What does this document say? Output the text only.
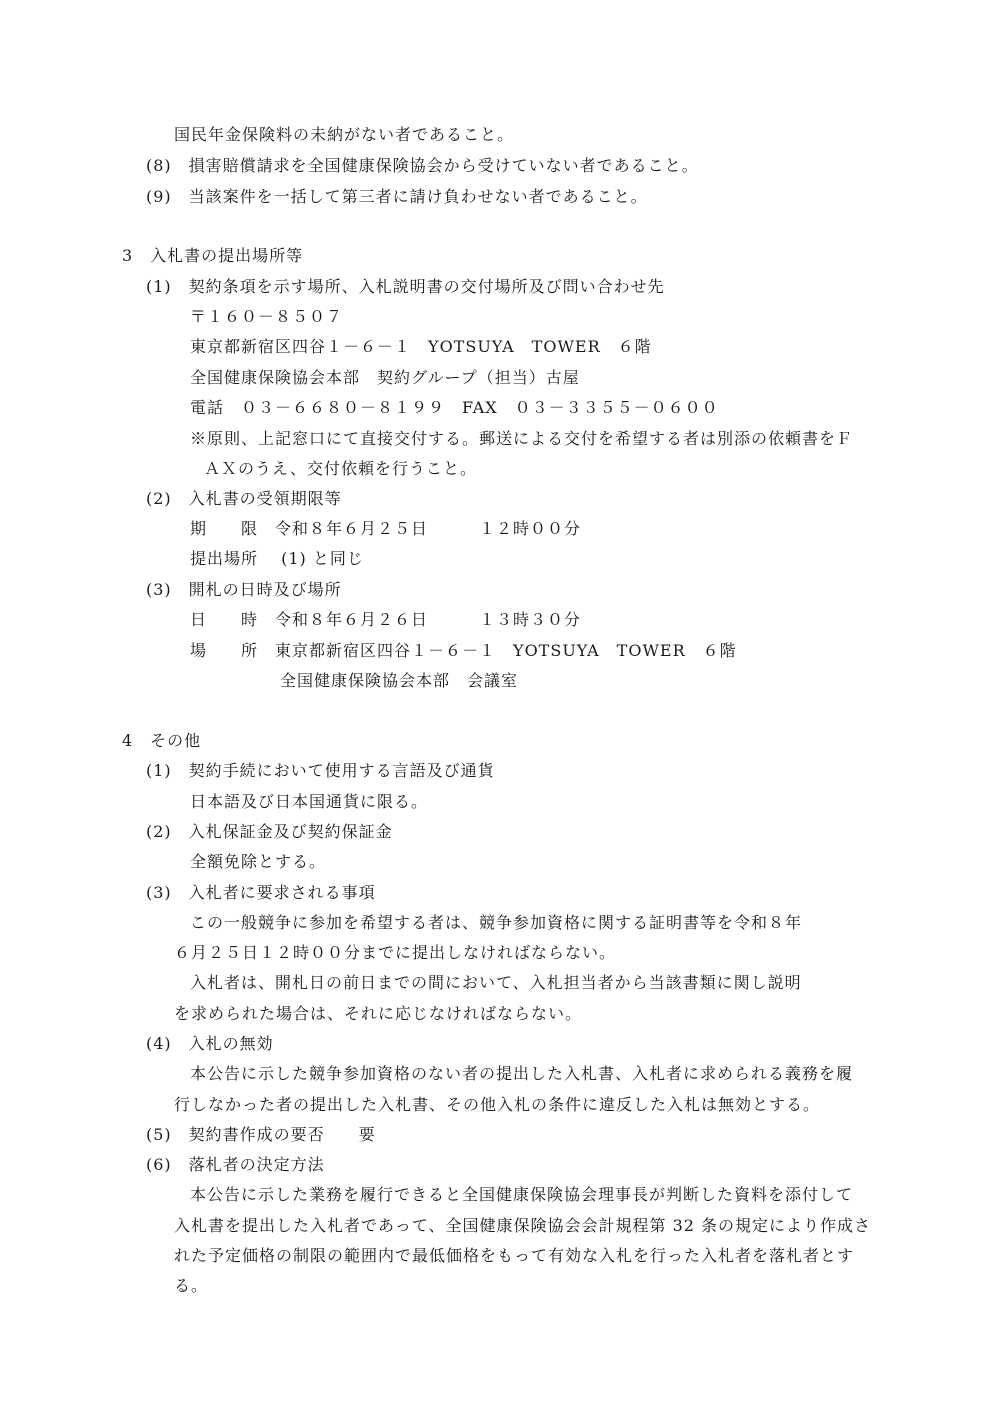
国民年金保険料の未納がない者であること。
(8)　損害賠償請求を全国健康保険協会から受けていない者であること。
(9)　当該案件を一括して第三者に請け負わせない者であること。
3　入札書の提出場所等
(1)　契約条項を示す場所、入札説明書の交付場所及び問い合わせ先
〒１６０－８５０７
東京都新宿区四谷１－６－１　YOTSUYA　TOWER　６階
全国健康保険協会本部　契約グループ（担当）古屋
電話　０３－６６８０－８１９９　FAX　０３－３３５５－０６００
※原則、上記窓口にて直接交付する。郵送による交付を希望する者は別添の依頼書をＦ
ＡＸのうえ、交付依頼を行うこと。
(2)　入札書の受領期限等
期　　限　令和８年６月２５日　　　１２時００分
提出場所　 (1) と同じ
(3)　開札の日時及び場所
日　　時　令和８年６月２６日　　　１３時３０分
場　　所　東京都新宿区四谷１－６－１　YOTSUYA　TOWER　６階
全国健康保険協会本部　会議室
4　その他
(1)　契約手続において使用する言語及び通貨
日本語及び日本国通貨に限る。
(2)　入札保証金及び契約保証金
全額免除とする。
(3)　入札者に要求される事項
この一般競争に参加を希望する者は、競争参加資格に関する証明書等を令和８年
６月２５日１２時００分までに提出しなければならない。
入札者は、開札日の前日までの間において、入札担当者から当該書類に関し説明
を求められた場合は、それに応じなければならない。
(4)　入札の無効
本公告に示した競争参加資格のない者の提出した入札書、入札者に求められる義務を履
行しなかった者の提出した入札書、その他入札の条件に違反した入札は無効とする。
(5)　契約書作成の要否　　要
(6)　落札者の決定方法
本公告に示した業務を履行できると全国健康保険協会理事長が判断した資料を添付して
入札書を提出した入札者であって、全国健康保険協会会計規程第 32 条の規定により作成さ
れた予定価格の制限の範囲内で最低価格をもって有効な入札を行った入札者を落札者とす
る。
